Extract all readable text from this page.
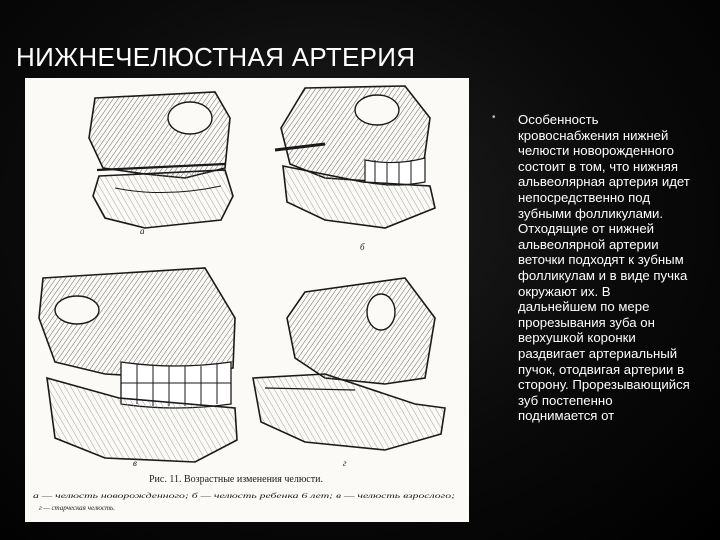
НИЖНЕЧЕЛЮСТНАЯ АРТЕРИЯ
а
б
в	г
Рис. 11. Возрастные изменения челюсти.
а — челюсть новорожденного; б — челюсть ребенка 6 лет; в — челюсть взрослого;
г — старческая челюсть.
• Особенность кровоснабжения нижней челюсти новорожденного состоит в том, что нижняя альвеолярная артерия идет непосредственно под зубными фолликулами. Отходящие от нижней альвеолярной артерии веточки подходят к зубным фолликулам и в виде пучка окружают их. В дальнейшем по мере прорезывания зуба он верхушкой коронки раздвигает артериальный пучок, отодвигая артерии в сторону. Прорезывающийся зуб постепенно поднимается от
